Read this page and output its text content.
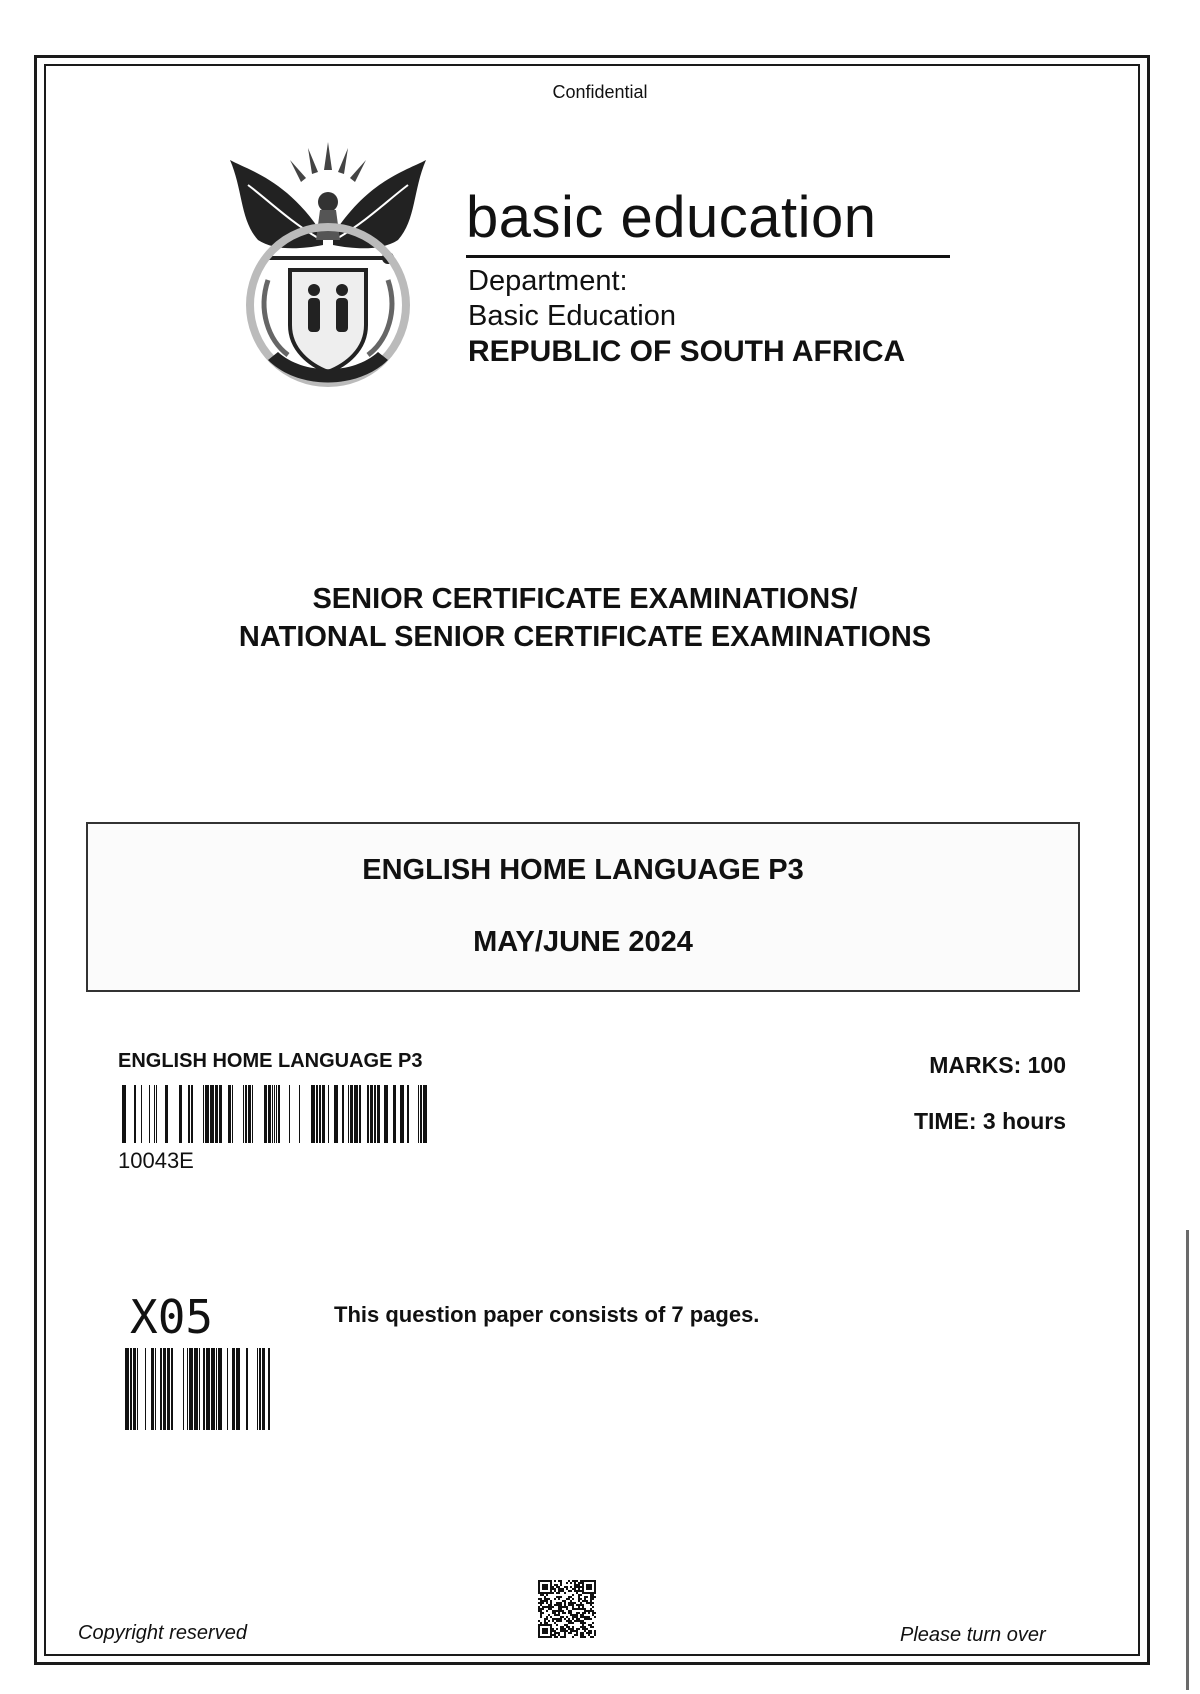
Confidential
basic education
Department:
Basic Education
REPUBLIC OF SOUTH AFRICA
SENIOR CERTIFICATE EXAMINATIONS/
NATIONAL SENIOR CERTIFICATE EXAMINATIONS
ENGLISH HOME LANGUAGE P3
MAY/JUNE 2024
ENGLISH HOME LANGUAGE P3
10043E
MARKS: 100
TIME: 3 hours
X05	This question paper consists of 7 pages.
Copyright reserved	Please turn over
